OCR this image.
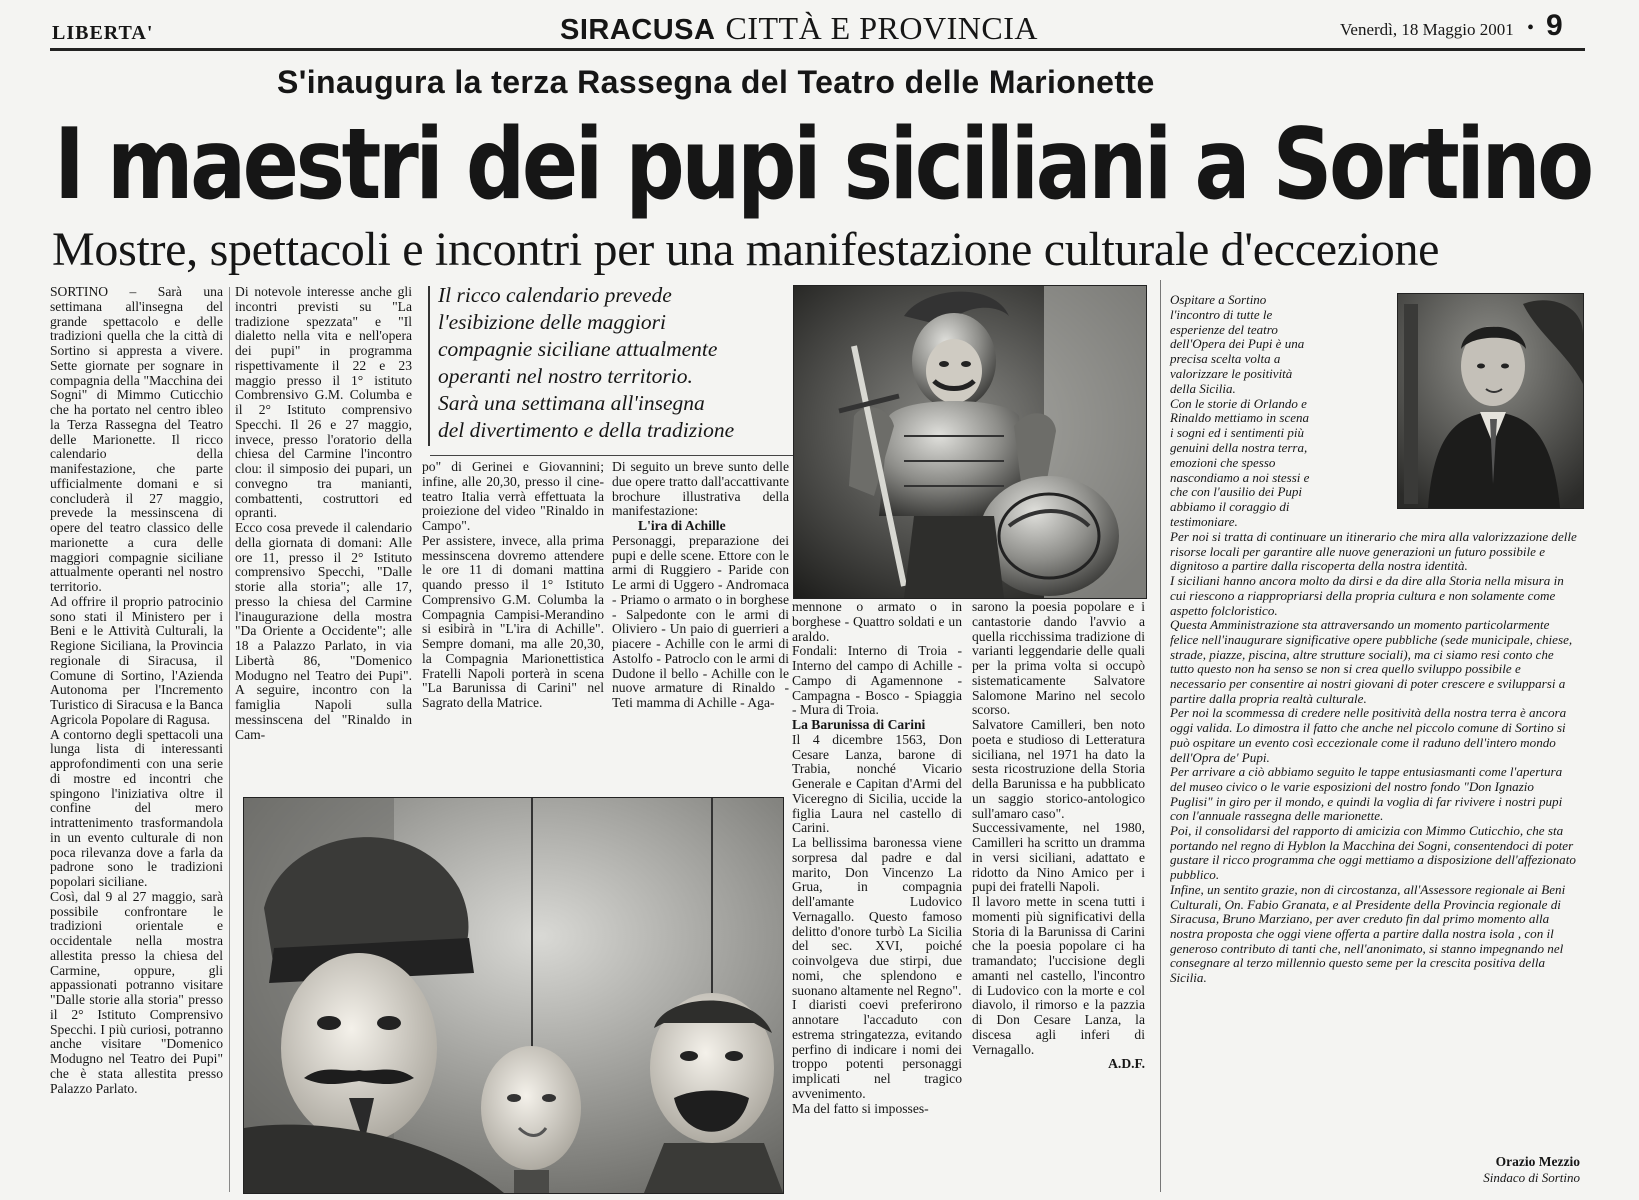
LIBERTA'	SIRACUSA CITTÀ E PROVINCIA	Venerdì, 18 Maggio 2001 • 9
S'inaugura la terza Rassegna del Teatro delle Marionette
I maestri dei pupi siciliani a Sortino
Mostre, spettacoli e incontri per una manifestazione culturale d'eccezione

SORTINO – Sarà una settimana all'insegna del grande spettacolo e delle tradizioni quella che la città di Sortino si appresta a vivere. Sette giornate per sognare in compagnia della "Macchina dei Sogni" di Mimmo Cuticchio che ha portato nel centro ibleo la Terza Rassegna del Teatro delle Marionette. Il ricco calendario della manifestazione, che parte ufficialmente domani e si concluderà il 27 maggio, prevede la messinscena di opere del teatro classico delle marionette a cura delle maggiori compagnie siciliane attualmente operanti nel nostro territorio.

Ad offrire il proprio patrocinio sono stati il Ministero per i Beni e le Attività Culturali, la Regione Siciliana, la Provincia regionale di Siracusa, il Comune di Sortino, l'Azienda Autonoma per l'Incremento Turistico di Siracusa e la Banca Agricola Popolare di Ragusa.

A contorno degli spettacoli una lunga lista di interessanti approfondimenti con una serie di mostre ed incontri che spingono l'iniziativa oltre il confine del mero intrattenimento trasformandola in un evento culturale di non poca rilevanza dove a farla da padrone sono le tradizioni popolari siciliane.

Così, dal 9 al 27 maggio, sarà possibile confrontare le tradizioni orientale e occidentale nella mostra allestita presso la chiesa del Carmine, oppure, gli appassionati potranno visitare "Dalle storie alla storia" presso il 2° Istituto Comprensivo Specchi. I più curiosi, potranno anche visitare "Domenico Modugno nel Teatro dei Pupi" che è stata allestita presso Palazzo Parlato.

Di notevole interesse anche gli incontri previsti su "La tradizione spezzata" e "Il dialetto nella vita e nell'opera dei pupi" in programma rispettivamente il 22 e 23 maggio presso il 1° istituto Combrensivo G.M. Columba e il 2° Istituto comprensivo Specchi. Il 26 e 27 maggio, invece, presso l'oratorio della chiesa del Carmine l'incontro clou: il simposio dei pupari, un convegno tra manianti, combattenti, costruttori ed opranti.

Ecco cosa prevede il calendario della giornata di domani: Alle ore 11, presso il 2° Istituto comprensivo Specchi, "Dalle storie alla storia"; alle 17, presso la chiesa del Carmine l'inaugurazione della mostra "Da Oriente a Occidente"; alle 18 a Palazzo Parlato, in via Libertà 86, "Domenico Modugno nel Teatro dei Pupi". A seguire, incontro con la famiglia Napoli sulla messinscena del "Rinaldo in Cam-

Il ricco calendario prevede
l'esibizione delle maggiori
compagnie siciliane attualmente
operanti nel nostro territorio.
Sarà una settimana all'insegna
del divertimento e della tradizione

po" di Gerinei e Giovannini; infine, alle 20,30, presso il cine-teatro Italia verrà effettuata la proiezione del video "Rinaldo in Campo".

Per assistere, invece, alla prima messinscena dovremo attendere le ore 11 di domani mattina quando presso il 1° Istituto Comprensivo G.M. Columba la Compagnia Campisi-Merandino si esibirà in "L'ira di Achille". Sempre domani, ma alle 20,30, la Compagnia Marionettistica Fratelli Napoli porterà in scena "La Barunissa di Carini" nel Sagrato della Matrice.

Di seguito un breve sunto delle due opere tratto dall'accattivante brochure illustrativa della manifestazione:

L'ira di Achille

Personaggi, preparazione dei pupi e delle scene. Ettore con le armi di Ruggiero - Paride con Le armi di Uggero - Andromaca - Priamo o armato o in borghese - Salpedonte con le armi di Oliviero - Un paio di guerrieri a piacere - Achille con le armi di Astolfo - Patroclo con le armi di Dudone il bello - Achille con le nuove armature di Rinaldo - Teti mamma di Achille - Aga-

mennone o armato o in borghese - Quattro soldati e un araldo.

Fondali: Interno di Troia - Interno del campo di Achille - Campo di Agamennone - Campagna - Bosco - Spiaggia - Mura di Troia.

La Barunissa di Carini

Il 4 dicembre 1563, Don Cesare Lanza, barone di Trabia, nonché Vicario Generale e Capitan d'Armi del Viceregno di Sicilia, uccide la figlia Laura nel castello di Carini.

La bellissima baronessa viene sorpresa dal padre e dal marito, Don Vincenzo La Grua, in compagnia dell'amante Ludovico Vernagallo. Questo famoso delitto d'onore turbò La Sicilia del sec. XVI, poiché coinvolgeva due stirpi, due nomi, che splendono e suonano altamente nel Regno".

I diaristi coevi preferirono annotare l'accaduto con estrema stringatezza, evitando perfino di indicare i nomi dei troppo potenti personaggi implicati nel tragico avvenimento.

Ma del fatto si imposses-

sarono la poesia popolare e i cantastorie dando l'avvio a quella ricchissima tradizione di varianti leggendarie delle quali per la prima volta si occupò sistematicamente Salvatore Salomone Marino nel secolo scorso.

Salvatore Camilleri, ben noto poeta e studioso di Letteratura siciliana, nel 1971 ha dato la sesta ricostruzione della Storia della Barunissa e ha pubblicato un saggio storico-antologico sull'amaro caso".

Successivamente, nel 1980, Camilleri ha scritto un dramma in versi siciliani, adattato e ridotto da Nino Amico per i pupi dei fratelli Napoli.

Il lavoro mette in scena tutti i momenti più significativi della Storia di la Barunissa di Carini che la poesia popolare ci ha tramandato; l'uccisione degli amanti nel castello, l'incontro di Ludovico con la morte e col diavolo, il rimorso e la pazzia di Don Cesare Lanza, la discesa agli inferi di Vernagallo.

A.D.F.

Ospitare a Sortino
l'incontro di tutte le
esperienze del teatro
dell'Opera dei Pupi è una
precisa scelta volta a
valorizzare le positività
della Sicilia.
Con le storie di Orlando e
Rinaldo mettiamo in scena
i sogni ed i sentimenti più
genuini della nostra terra,
emozioni che spesso
nascondiamo a noi stessi e
che con l'ausilio dei Pupi
abbiamo il coraggio di
testimoniare.

Per noi si tratta di continuare un itinerario che mira alla valorizzazione delle risorse locali per garantire alle nuove generazioni un futuro possibile e dignitoso a partire dalla riscoperta della nostra identità.

I siciliani hanno ancora molto da dirsi e da dire alla Storia nella misura in cui riescono a riappropriarsi della propria cultura e non solamente come aspetto folcloristico.

Questa Amministrazione sta attraversando un momento particolarmente felice nell'inaugurare significative opere pubbliche (sede municipale, chiese, strade, piazze, piscina, altre strutture sociali), ma ci siamo resi conto che tutto questo non ha senso se non si crea quello sviluppo possibile e necessario per consentire ai nostri giovani di poter crescere e svilupparsi a partire dalla propria realtà culturale.

Per noi la scommessa di credere nelle positività della nostra terra è ancora oggi valida. Lo dimostra il fatto che anche nel piccolo comune di Sortino si può ospitare un evento così eccezionale come il raduno dell'intero mondo dell'Opra de' Pupi.

Per arrivare a ciò abbiamo seguito le tappe entusiasmanti come l'apertura del museo civico o le varie esposizioni del nostro fondo "Don Ignazio Puglisi" in giro per il mondo, e quindi la voglia di far rivivere i nostri pupi con l'annuale rassegna delle marionette.

Poi, il consolidarsi del rapporto di amicizia con Mimmo Cuticchio, che sta portando nel regno di Hyblon la Macchina dei Sogni, consentendoci di poter gustare il ricco programma che oggi mettiamo a disposizione dell'affezionato pubblico.

Infine, un sentito grazie, non di circostanza, all'Assessore regionale ai Beni Culturali, On. Fabio Granata, e al Presidente della Provincia regionale di Siracusa, Bruno Marziano, per aver creduto fin dal primo momento alla nostra proposta che oggi viene offerta a partire dalla nostra isola , con il generoso contributo di tanti che, nell'anonimato, si stanno impegnando nel consegnare al terzo millennio questo seme per la crescita positiva della Sicilia.

Orazio Mezzio
Sindaco di Sortino
